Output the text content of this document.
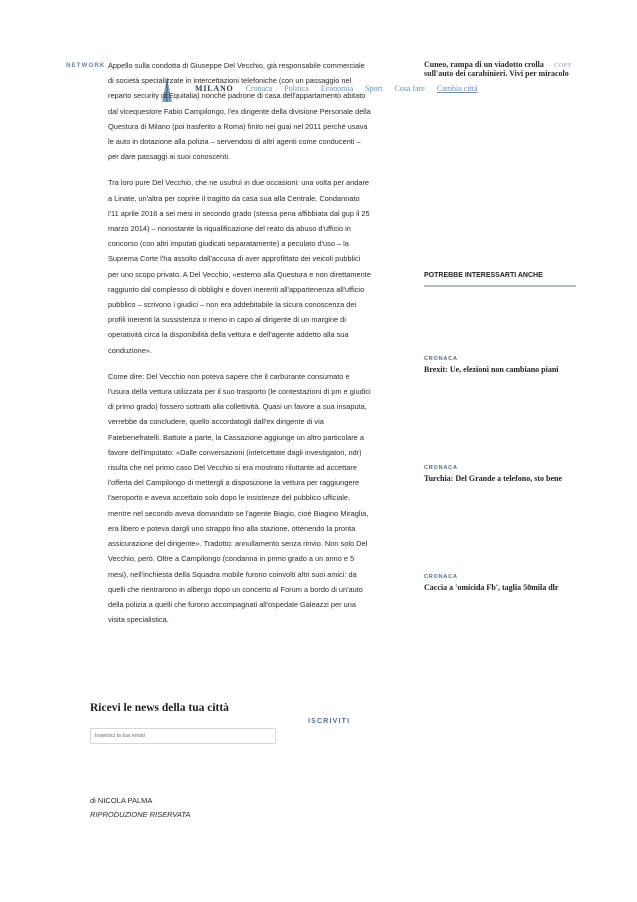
NETWORK
MILANO Cronaca Politica Economia Sport Cosa fare Cambia città

Appello sulla condotta di Giuseppe Del Vecchio, già responsabile commerciale di società specializzate in intercettazioni telefoniche (con un passaggio nel reparto security di Equitalia) nonché padrone di casa dell'appartamento abitato dal vicequestore Fabio Campilongo, l'ex dirigente della divisione Personale della Questura di Milano (poi trasferito a Roma) finito nei guai nel 2011 perché usava le auto in dotazione alla polizia – servendosi di altri agenti come conducenti – per dare passaggi ai suoi conoscenti.

Tra loro pure Del Vecchio, che ne usufruì in due occasioni: una volta per andare a Linate, un'altra per coprire il tragitto da casa sua alla Centrale. Condannato l'11 aprile 2016 a sei mesi in secondo grado (stessa pena affibbiata dal gup il 25 marzo 2014) – nonostante la riqualificazione del reato da abuso d'ufficio in concorso (con altri imputati giudicati separatamente) a peculato d'uso – la Suprema Corte l'ha assolto dall'accusa di aver approfittato dei veicoli pubblici per uno scopo privato. A Del Vecchio, «esterno alla Questura e non direttamente raggiunto dal complesso di obblighi e doveri inerenti all'appartenenza all'ufficio pubblico – scrivono i giudici – non era addebitabile la sicura conoscenza dei profili inerenti la sussistenza o meno in capo al dirigente di un margine di operatività circa la disponibilità della vettura e dell'agente addetto alla sua conduzione».

Come dire: Del Vecchio non poteva sapere che il carburante consumato e l'usura della vettura utilizzata per il suo trasporto (le contestazioni di pm e giudici di primo grado) fossero sottratti alla collettività. Quasi un favore a sua insaputa, verrebbe da concludere, quello accordatogli dall'ex dirigente di via Fatebenefratelli. Battute a parte, la Cassazione aggiunge un altro particolare a favore dell'imputato: «Dalle conversazioni (intercettate dagli investigatori, ndr) risulta che nel primo caso Del Vecchio si era mostrato riluttante ad accettare l'offerta del Campilongo di mettergli a disposizione la vettura per raggiungere l'aeroporto e aveva accettato solo dopo le insistenze del pubblico ufficiale, mentre nel secondo aveva domandato se l'agente Biagio, cioè Biagino Miraglia, era libero e poteva dargli uno strappo fino alla stazione, ottenendo la pronta assicurazione del dirigente». Tradotto: annullamento senza rinvio. Non solo Del Vecchio, però. Oltre a Campilongo (condanna in primo grado a un anno e 5 mesi), nell'inchiesta della Squadra mobile furono coinvolti altri suoi amici: da quelli che rientrarono in albergo dopo un concerto al Forum a bordo di un'auto della polizia a quelli che furono accompagnati all'ospedale Galeazzi per una visita specialistica.

Cuneo, rampa di un viadotto crolla sull'auto dei carabinieri. Vivi per miracolo
COPY
POTREBBE INTERESSARTI ANCHE
CRONACA
Brexit: Ue, elezioni non cambiano piani
CRONACA
Turchia: Del Grande a telefono, sto bene
CRONACA
Caccia a 'omicida Fb', taglia 50mila dlr
Ricevi le news della tua città
ISCRIVITI
Inserisci la tua email
di NICOLA PALMA
RIPRODUZIONE RISERVATA
